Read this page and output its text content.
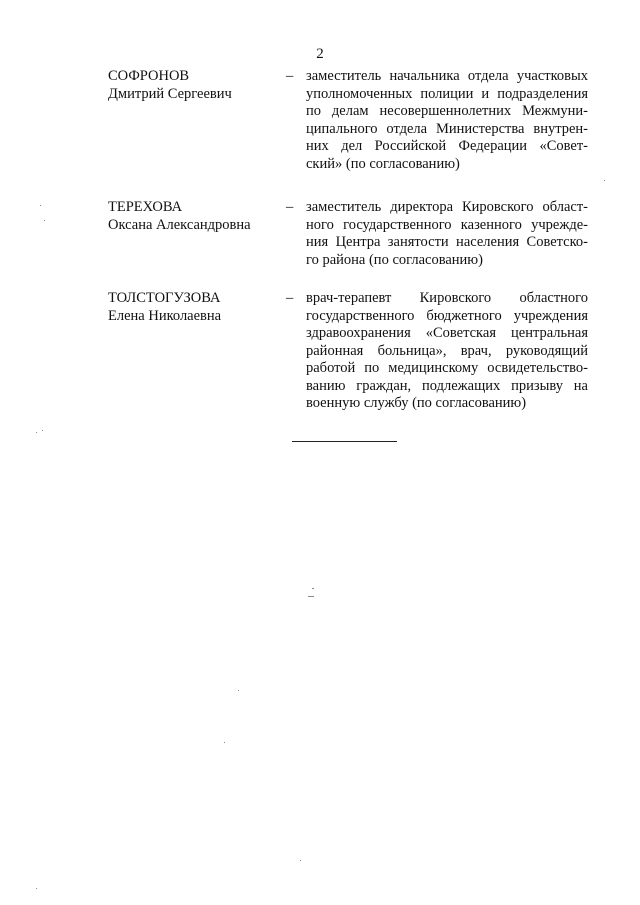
2
СОФРОНОВ
Дмитрий Сергеевич
– заместитель начальника отдела участковых
уполномоченных полиции и подразделения
по делам несовершеннолетних Межмуни-
ципального отдела Министерства внутрен-
них дел Российской Федерации «Совет-
ский» (по согласованию)
ТЕРЕХОВА
Оксана Александровна
– заместитель директора Кировского област-
ного государственного казенного учрежде-
ния Центра занятости населения Советско-
го района (по согласованию)
ТОЛСТОГУЗОВА
Елена Николаевна
– врач-терапевт Кировского областного
государственного бюджетного учреждения
здравоохранения «Советская центральная
районная больница», врач, руководящий
работой по медицинскому освидетельство-
ванию граждан, подлежащих призыву на
военную службу (по согласованию)
